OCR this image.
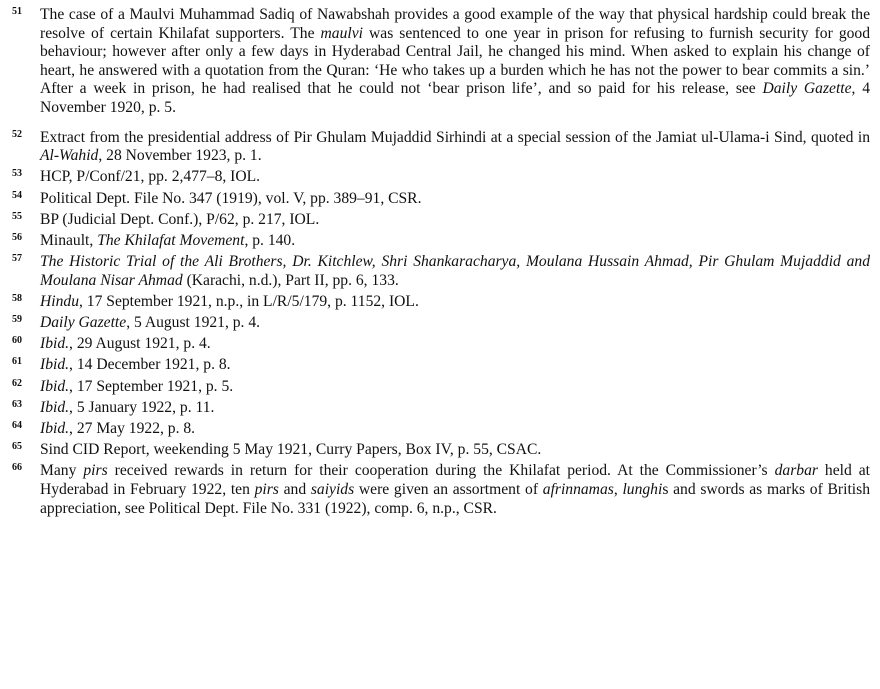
51 The case of a Maulvi Muhammad Sadiq of Nawabshah provides a good example of the way that physical hardship could break the resolve of certain Khilafat supporters. The maulvi was sentenced to one year in prison for refusing to furnish security for good behaviour; however after only a few days in Hyderabad Central Jail, he changed his mind. When asked to explain his change of heart, he answered with a quotation from the Quran: ‘He who takes up a burden which he has not the power to bear commits a sin.’ After a week in prison, he had realised that he could not ‘bear prison life’, and so paid for his release, see Daily Gazette, 4 November 1920, p. 5.
52 Extract from the presidential address of Pir Ghulam Mujaddid Sirhindi at a special session of the Jamiat ul-Ulama-i Sind, quoted in Al-Wahid, 28 November 1923, p. 1.
53 HCP, P/Conf/21, pp. 2,477–8, IOL.
54 Political Dept. File No. 347 (1919), vol. V, pp. 389–91, CSR.
55 BP (Judicial Dept. Conf.), P/62, p. 217, IOL.
56 Minault, The Khilafat Movement, p. 140.
57 The Historic Trial of the Ali Brothers, Dr. Kitchlew, Shri Shankaracharya, Moulana Hussain Ahmad, Pir Ghulam Mujaddid and Moulana Nisar Ahmad (Karachi, n.d.), Part II, pp. 6, 133.
58 Hindu, 17 September 1921, n.p., in L/R/5/179, p. 1152, IOL.
59 Daily Gazette, 5 August 1921, p. 4.
60 Ibid., 29 August 1921, p. 4.
61 Ibid., 14 December 1921, p. 8.
62 Ibid., 17 September 1921, p. 5.
63 Ibid., 5 January 1922, p. 11.
64 Ibid., 27 May 1922, p. 8.
65 Sind CID Report, weekending 5 May 1921, Curry Papers, Box IV, p. 55, CSAC.
66 Many pirs received rewards in return for their cooperation during the Khilafat period. At the Commissioner’s darbar held at Hyderabad in February 1922, ten pirs and saiyids were given an assortment of afrinnamas, lunghis and swords as marks of British appreciation, see Political Dept. File No. 331 (1922), comp. 6, n.p., CSR.
